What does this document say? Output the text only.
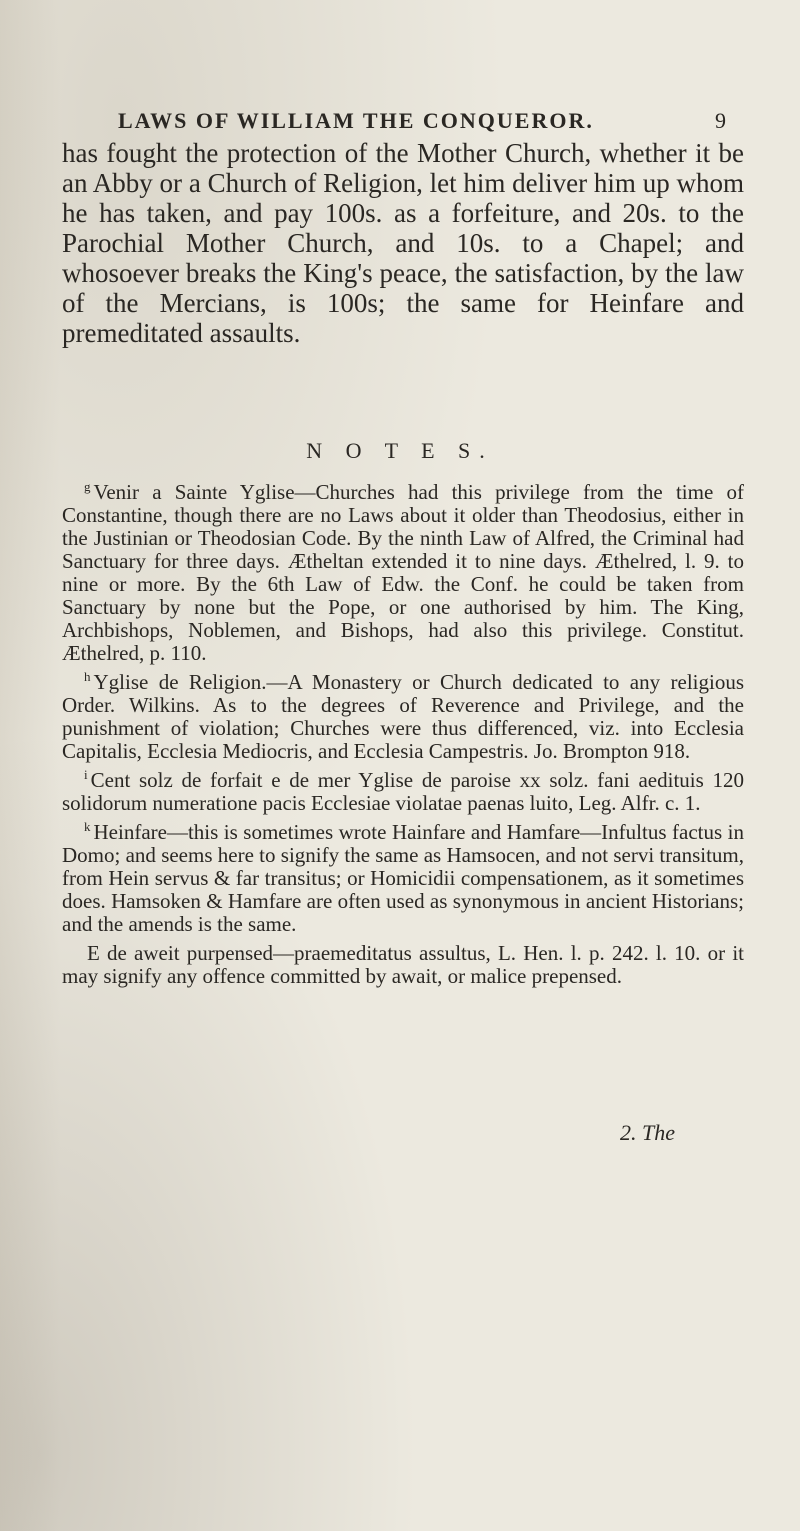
LAWS OF WILLIAM THE CONQUEROR.	9

has fought the protection of the Mother Church, whether it be an Abby or a Church of Religion, let him deliver him up whom he has taken, and pay 100s. as a forfeiture, and 20s. to the Parochial Mother Church, and 10s. to a Chapel; and whosoever breaks the King's peace, the satisfaction, by the law of the Mercians, is 100s; the same for Heinfare and premeditated assaults.

N O T E S.

$^g$ Venir a Sainte Yglise—Churches had this privilege from the time of Constantine, though there are no Laws about it older than Theodosius, either in the Justinian or Theodosian Code. By the ninth Law of Alfred, the Criminal had Sanctuary for three days. Ætheltan extended it to nine days. Æthelred, l. 9. to nine or more. By the 6th Law of Edw. the Conf. he could be taken from Sanctuary by none but the Pope, or one authorised by him. The King, Archbishops, Noblemen, and Bishops, had also this privilege. Constitut. Æthelred, p. 110.

$^h$ Yglise de Religion.—A Monastery or Church dedicated to any religious Order. Wilkins. As to the degrees of Reverence and Privilege, and the punishment of violation; Churches were thus differenced, viz. into Ecclesia Capitalis, Ecclesia Mediocris, and Ecclesia Campestris. Jo. Brompton 918.

$^i$ Cent solz de forfait e de mer Yglise de paroise xx solz. fani aedituis 120 solidorum numeratione pacis Ecclesiae violatae paenas luito, Leg. Alfr. c. 1.

$^k$ Heinfare—this is sometimes wrote Hainfare and Hamfare—Infultus factus in Domo; and seems here to signify the same as Hamsocen, and not servi transitum, from Hein servus & far transitus; or Homicidii compensationem, as it sometimes does. Hamsoken & Hamfare are often used as synonymous in ancient Historians; and the amends is the same.

E de aweit purpensed—praemeditatus assultus, L. Hen. l. p. 242. l. 10. or it may signify any offence committed by await, or malice prepensed.

2. The
